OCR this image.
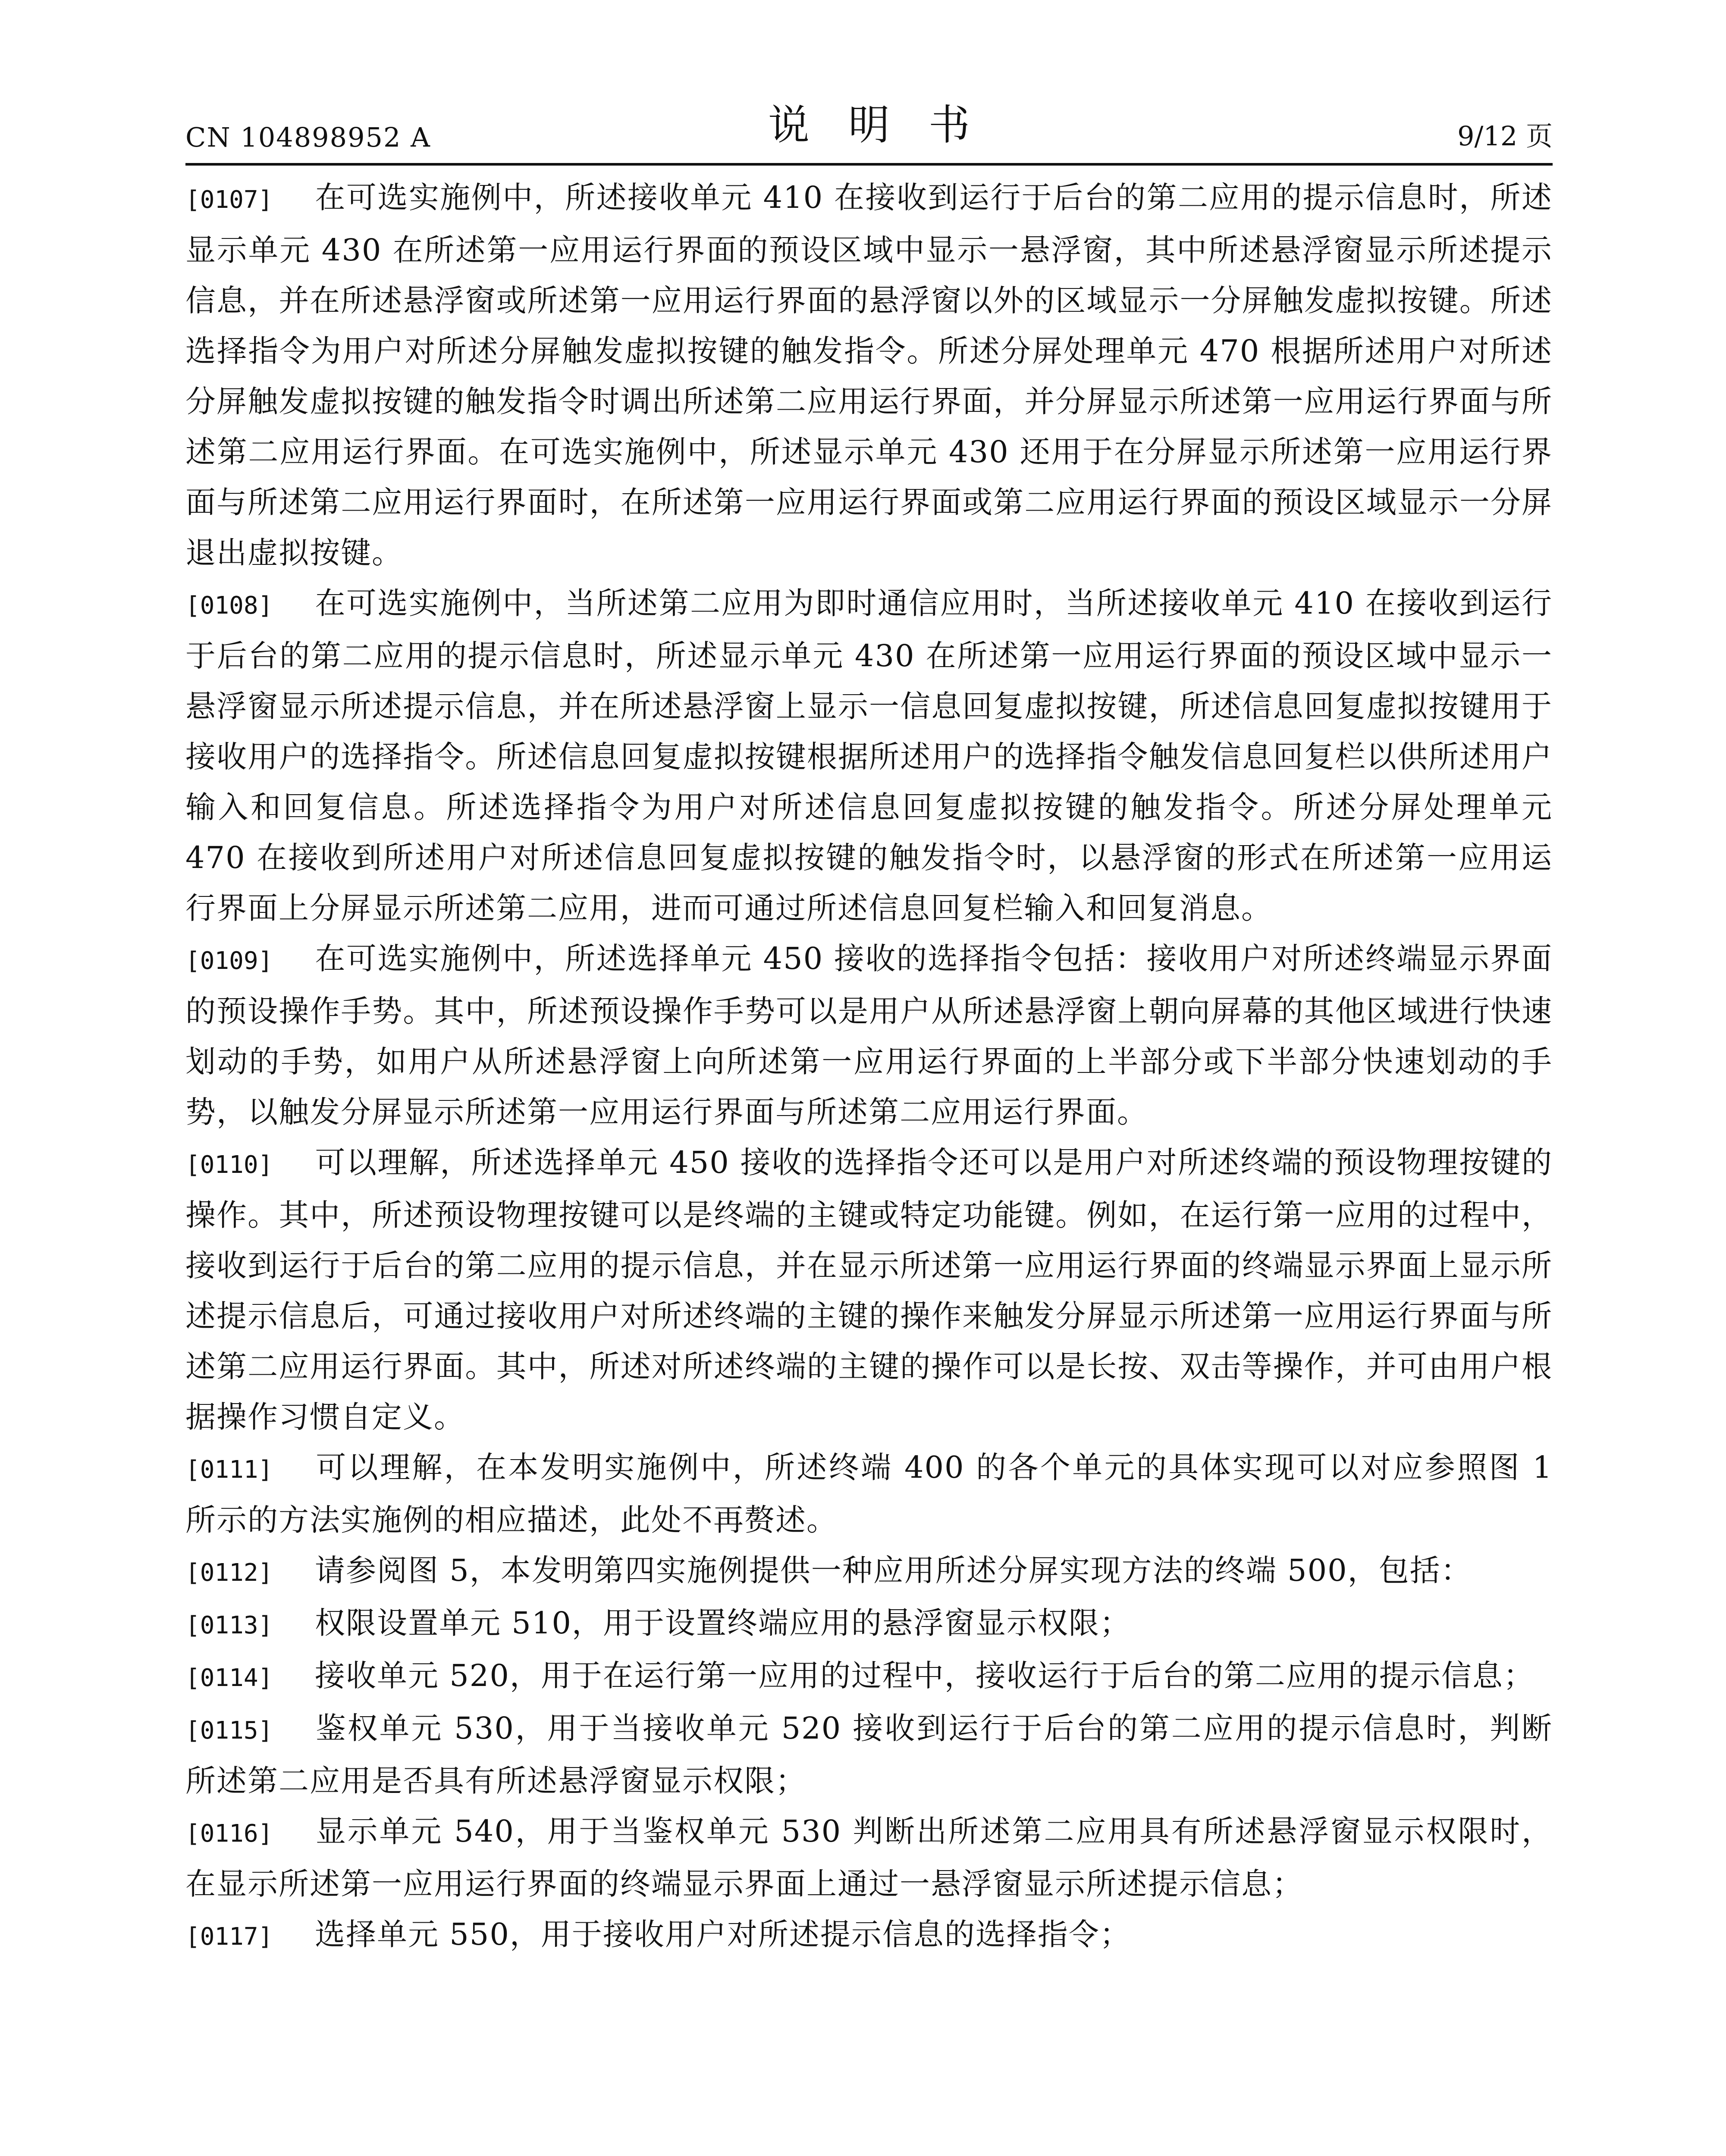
CN 104898952 A	说明书	9/12 页

[0107] 在可选实施例中，所述接收单元 410 在接收到运行于后台的第二应用的提示信息时，所述显示单元 430 在所述第一应用运行界面的预设区域中显示一悬浮窗，其中所述悬浮窗显示所述提示信息，并在所述悬浮窗或所述第一应用运行界面的悬浮窗以外的区域显示一分屏触发虚拟按键。所述选择指令为用户对所述分屏触发虚拟按键的触发指令。所述分屏处理单元 470 根据所述用户对所述分屏触发虚拟按键的触发指令时调出所述第二应用运行界面，并分屏显示所述第一应用运行界面与所述第二应用运行界面。在可选实施例中，所述显示单元 430 还用于在分屏显示所述第一应用运行界面与所述第二应用运行界面时，在所述第一应用运行界面或第二应用运行界面的预设区域显示一分屏退出虚拟按键。

[0108] 在可选实施例中，当所述第二应用为即时通信应用时，当所述接收单元 410 在接收到运行于后台的第二应用的提示信息时，所述显示单元 430 在所述第一应用运行界面的预设区域中显示一悬浮窗显示所述提示信息，并在所述悬浮窗上显示一信息回复虚拟按键，所述信息回复虚拟按键用于接收用户的选择指令。所述信息回复虚拟按键根据所述用户的选择指令触发信息回复栏以供所述用户输入和回复信息。所述选择指令为用户对所述信息回复虚拟按键的触发指令。所述分屏处理单元 470 在接收到所述用户对所述信息回复虚拟按键的触发指令时，以悬浮窗的形式在所述第一应用运行界面上分屏显示所述第二应用，进而可通过所述信息回复栏输入和回复消息。

[0109] 在可选实施例中，所述选择单元 450 接收的选择指令包括：接收用户对所述终端显示界面的预设操作手势。其中，所述预设操作手势可以是用户从所述悬浮窗上朝向屏幕的其他区域进行快速划动的手势，如用户从所述悬浮窗上向所述第一应用运行界面的上半部分或下半部分快速划动的手势，以触发分屏显示所述第一应用运行界面与所述第二应用运行界面。

[0110] 可以理解，所述选择单元 450 接收的选择指令还可以是用户对所述终端的预设物理按键的操作。其中，所述预设物理按键可以是终端的主键或特定功能键。例如，在运行第一应用的过程中，接收到运行于后台的第二应用的提示信息，并在显示所述第一应用运行界面的终端显示界面上显示所述提示信息后，可通过接收用户对所述终端的主键的操作来触发分屏显示所述第一应用运行界面与所述第二应用运行界面。其中，所述对所述终端的主键的操作可以是长按、双击等操作，并可由用户根据操作习惯自定义。

[0111] 可以理解，在本发明实施例中，所述终端 400 的各个单元的具体实现可以对应参照图 1 所示的方法实施例的相应描述，此处不再赘述。

[0112] 请参阅图 5，本发明第四实施例提供一种应用所述分屏实现方法的终端 500，包括：

[0113] 权限设置单元 510，用于设置终端应用的悬浮窗显示权限；

[0114] 接收单元 520，用于在运行第一应用的过程中，接收运行于后台的第二应用的提示信息；

[0115] 鉴权单元 530，用于当接收单元 520 接收到运行于后台的第二应用的提示信息时，判断所述第二应用是否具有所述悬浮窗显示权限；

[0116] 显示单元 540，用于当鉴权单元 530 判断出所述第二应用具有所述悬浮窗显示权限时，在显示所述第一应用运行界面的终端显示界面上通过一悬浮窗显示所述提示信息；

[0117] 选择单元 550，用于接收用户对所述提示信息的选择指令；
